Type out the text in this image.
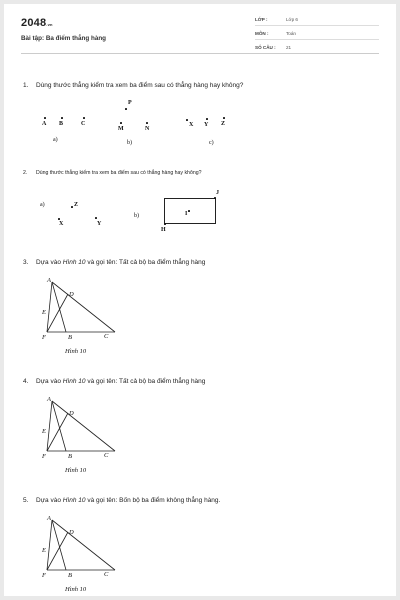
2048.vn
Bài tập: Ba điểm thẳng hàng
LỚP :	Lớp 6
MÔN :	Toán
SỐ CÂU : 21
1. Dùng thước thẳng kiểm tra xem ba điểm sau có thẳng hàng hay không?
A B	C
a)
P
M	N
b)
X Y Z
c)
2. Dùng thước thẳng kiểm tra xem ba điểm sau có thẳng hàng hay không?
a)	Z
X	Y
b)
J
I
H
3. Dựa vào Hình 10 và gọi tên: Tất cả bộ ba điểm thẳng hàng
A
D
E
F	B	C
Hình 10
4. Dựa vào Hình 10 và gọi tên: Tất cả bộ ba điểm thẳng hàng
A
D
E
F	B	C
Hình 10
5. Dựa vào Hình 10 và gọi tên: Bốn bộ ba điểm không thẳng hàng.
A
D
E
F	B	C
Hình 10
